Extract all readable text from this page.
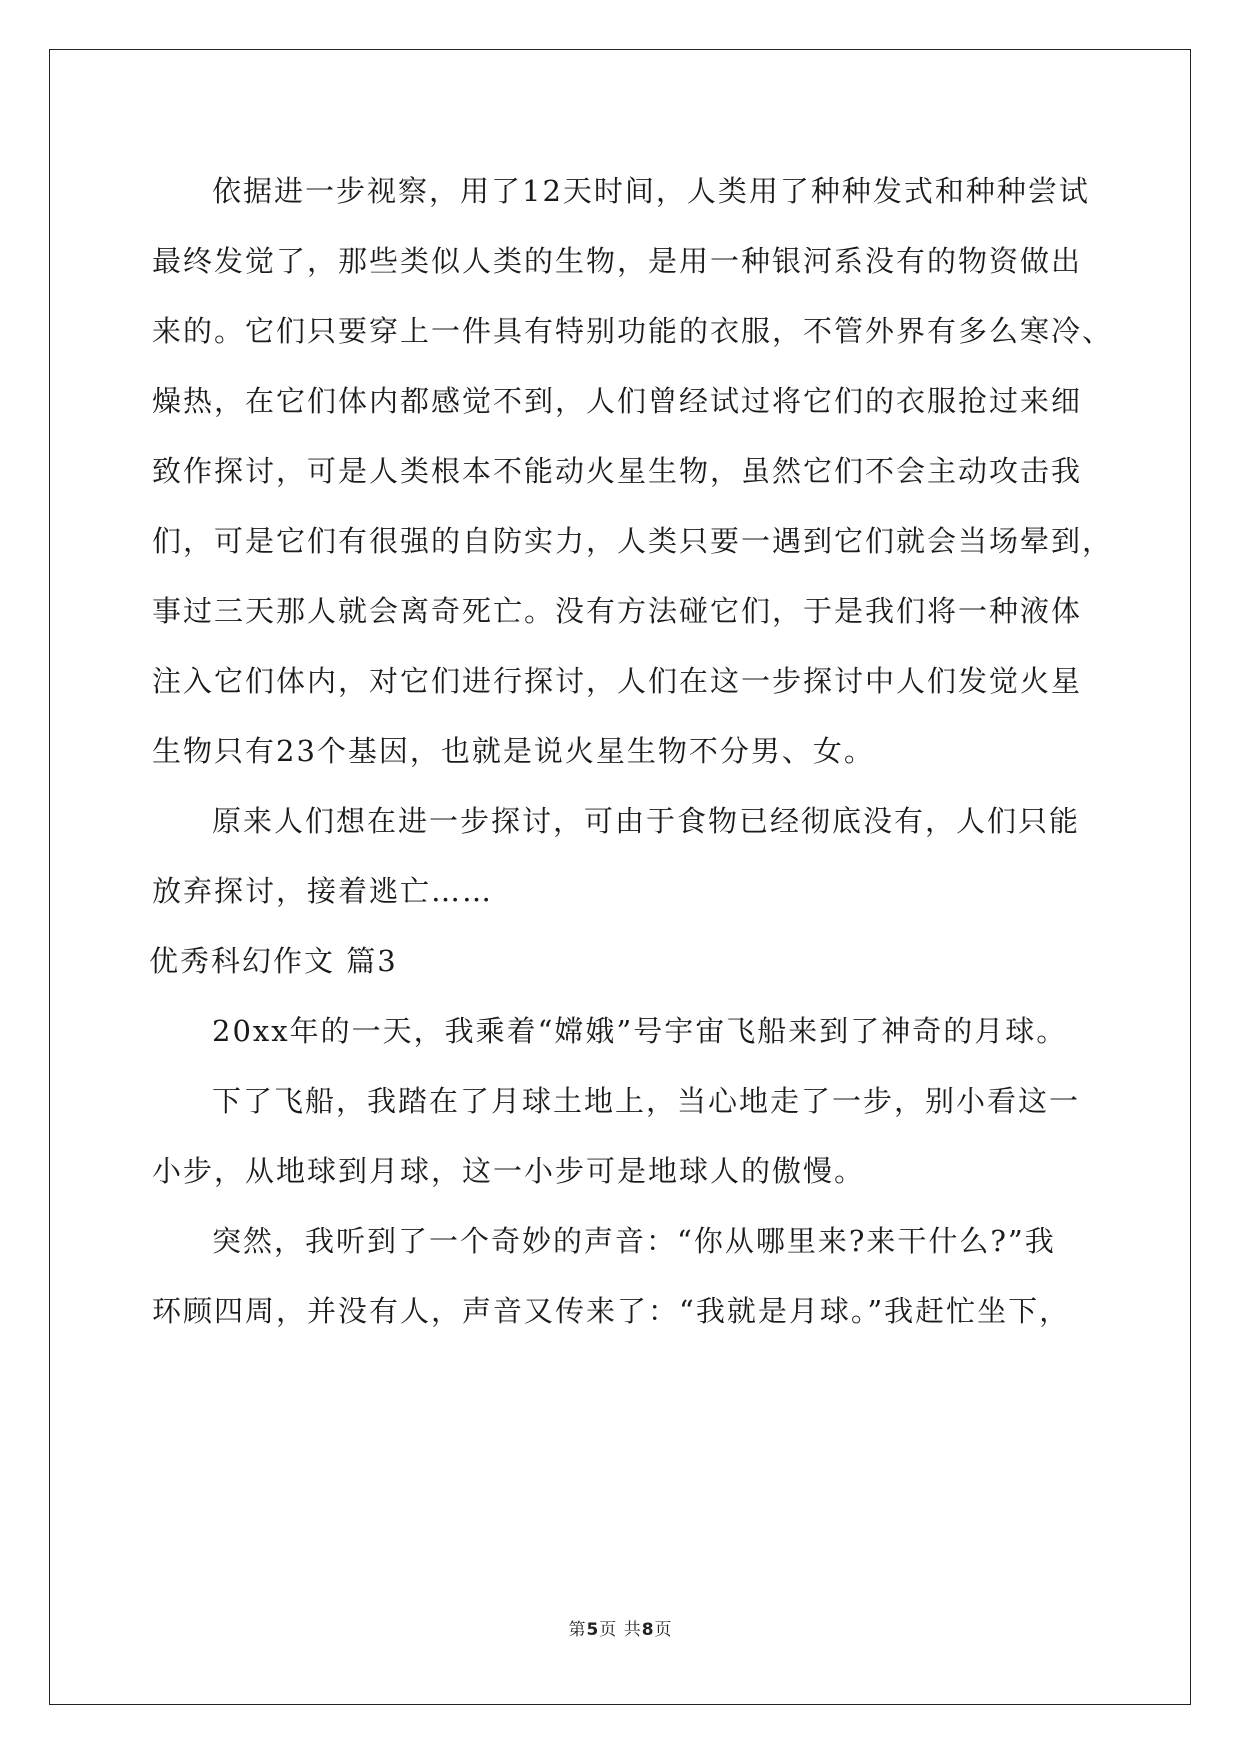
依据进一步视察，用了12天时间，人类用了种种发式和种种尝试
最终发觉了，那些类似人类的生物，是用一种银河系没有的物资做出
来的。它们只要穿上一件具有特别功能的衣服，不管外界有多么寒冷、
燥热，在它们体内都感觉不到，人们曾经试过将它们的衣服抢过来细
致作探讨，可是人类根本不能动火星生物，虽然它们不会主动攻击我
们，可是它们有很强的自防实力，人类只要一遇到它们就会当场晕到，
事过三天那人就会离奇死亡。没有方法碰它们，于是我们将一种液体
注入它们体内，对它们进行探讨，人们在这一步探讨中人们发觉火星
生物只有23个基因，也就是说火星生物不分男、女。
原来人们想在进一步探讨，可由于食物已经彻底没有，人们只能
放弃探讨，接着逃亡……
优秀科幻作文 篇3
20xx年的一天，我乘着“嫦娥”号宇宙飞船来到了神奇的月球。
下了飞船，我踏在了月球土地上，当心地走了一步，别小看这一
小步，从地球到月球，这一小步可是地球人的傲慢。
突然，我听到了一个奇妙的声音：“你从哪里来?来干什么?”我
环顾四周，并没有人，声音又传来了：“我就是月球。”我赶忙坐下，
第5页 共8页
